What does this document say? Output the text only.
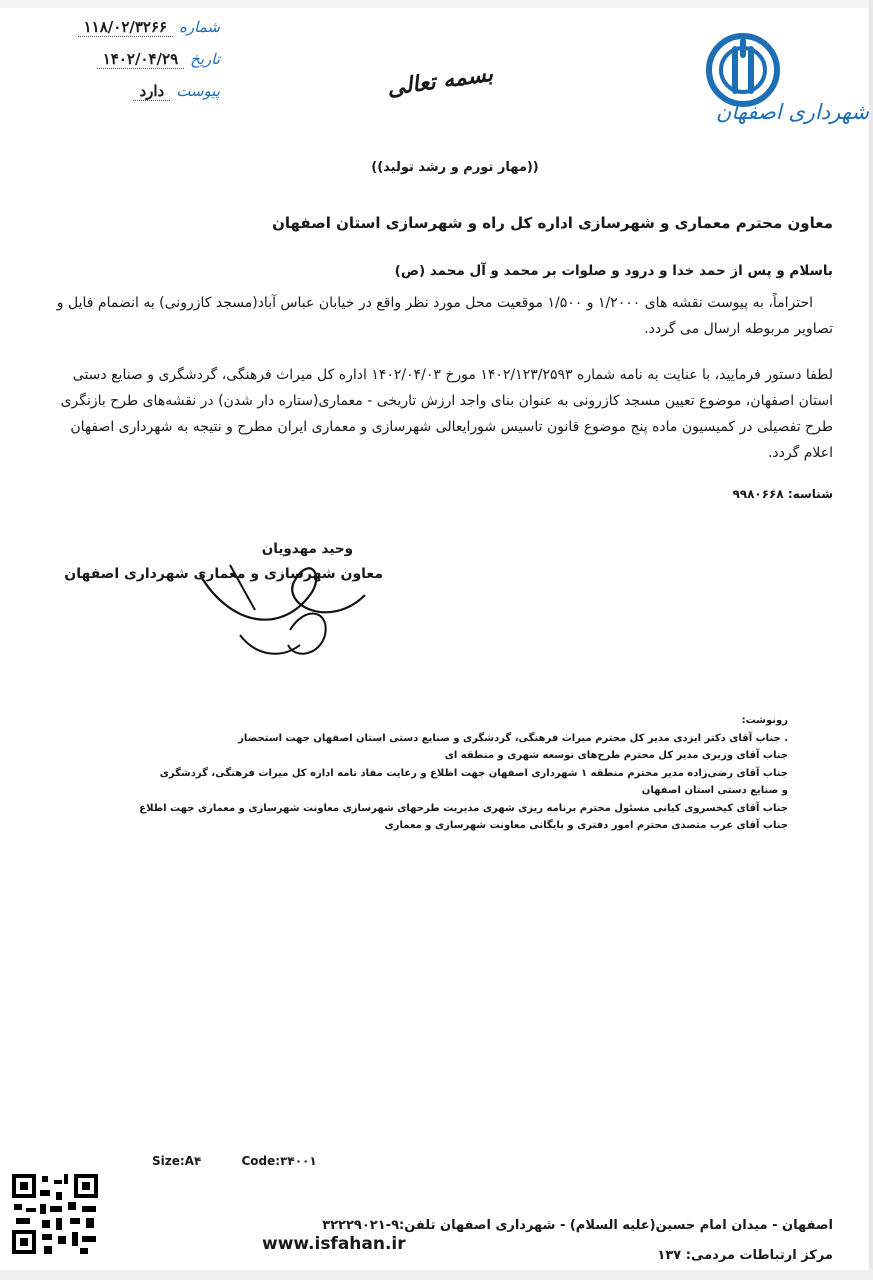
شهرداری اصفهان
شماره
۱۱۸/۰۲/۳۲۶۶
تاریخ
۱۴۰۲/۰۴/۲۹
پیوست
دارد	بسمه تعالی
((مهار تورم و رشد تولید))
معاون محترم معماری و شهرسازی اداره کل راه و شهرسازی استان اصفهان
باسلام و پس از حمد خدا و درود و صلوات بر محمد و آل محمد (ص)
احتراماً، به پیوست نقشه های ۱/۲۰۰۰ و ۱/۵۰۰ موقعیت محل مورد نظر واقع در خیابان عباس آباد(مسجد کازرونی) به انضمام فایل و تصاویر مربوطه ارسال می گردد.
لطفا دستور فرمایید، با عنایت به نامه شماره ۱۴۰۲/۱۲۳/۲۵۹۳ مورخ ۱۴۰۲/۰۴/۰۳ اداره کل میراث فرهنگی، گردشگری و صنایع دستی استان اصفهان، موضوع تعیین مسجد کازرونی به عنوان بنای واجد ارزش تاریخی - معماری(ستاره دار شدن) در نقشه‌های طرح بازنگری طرح تفصیلی در کمیسیون ماده پنج موضوع قانون تاسیس شورایعالی شهرسازی و معماری ایران مطرح و نتیجه به شهرداری اصفهان اعلام گردد.
شناسه: ۹۹۸۰۶۶۸
وحید مهدویان
معاون شهرسازی و معماری شهرداری اصفهان
رونوشت:
. جناب آقای دکتر ایزدی مدیر کل محترم میراث فرهنگی، گردشگری و صنایع دستی استان اصفهان جهت استحضار
جناب آقای وزیری مدیر کل محترم طرح‌های توسعه شهری و منطقه ای
جناب آقای رضی‌زاده مدیر محترم منطقه ۱ شهرداری اصفهان جهت اطلاع و رعایت مفاد نامه اداره کل میراث فرهنگی، گردشگری
و صنایع دستی استان اصفهان
جناب آقای کیخسروی کیانی مسئول محترم برنامه ریزی شهری مدیریت طرحهای شهرسازی معاونت شهرسازی و معماری جهت اطلاع
جناب آقای عرب متصدی محترم امور دفتری و بایگانی معاونت شهرسازی و معماری
Size:A۴	Code:۳۴۰۰۱
اصفهان - میدان امام حسین(علیه السلام) - شهرداری اصفهان تلفن:۹-۳۲۲۲۹۰۲۱
www.isfahan.ir
مرکز ارتباطات مردمی: ۱۳۷
